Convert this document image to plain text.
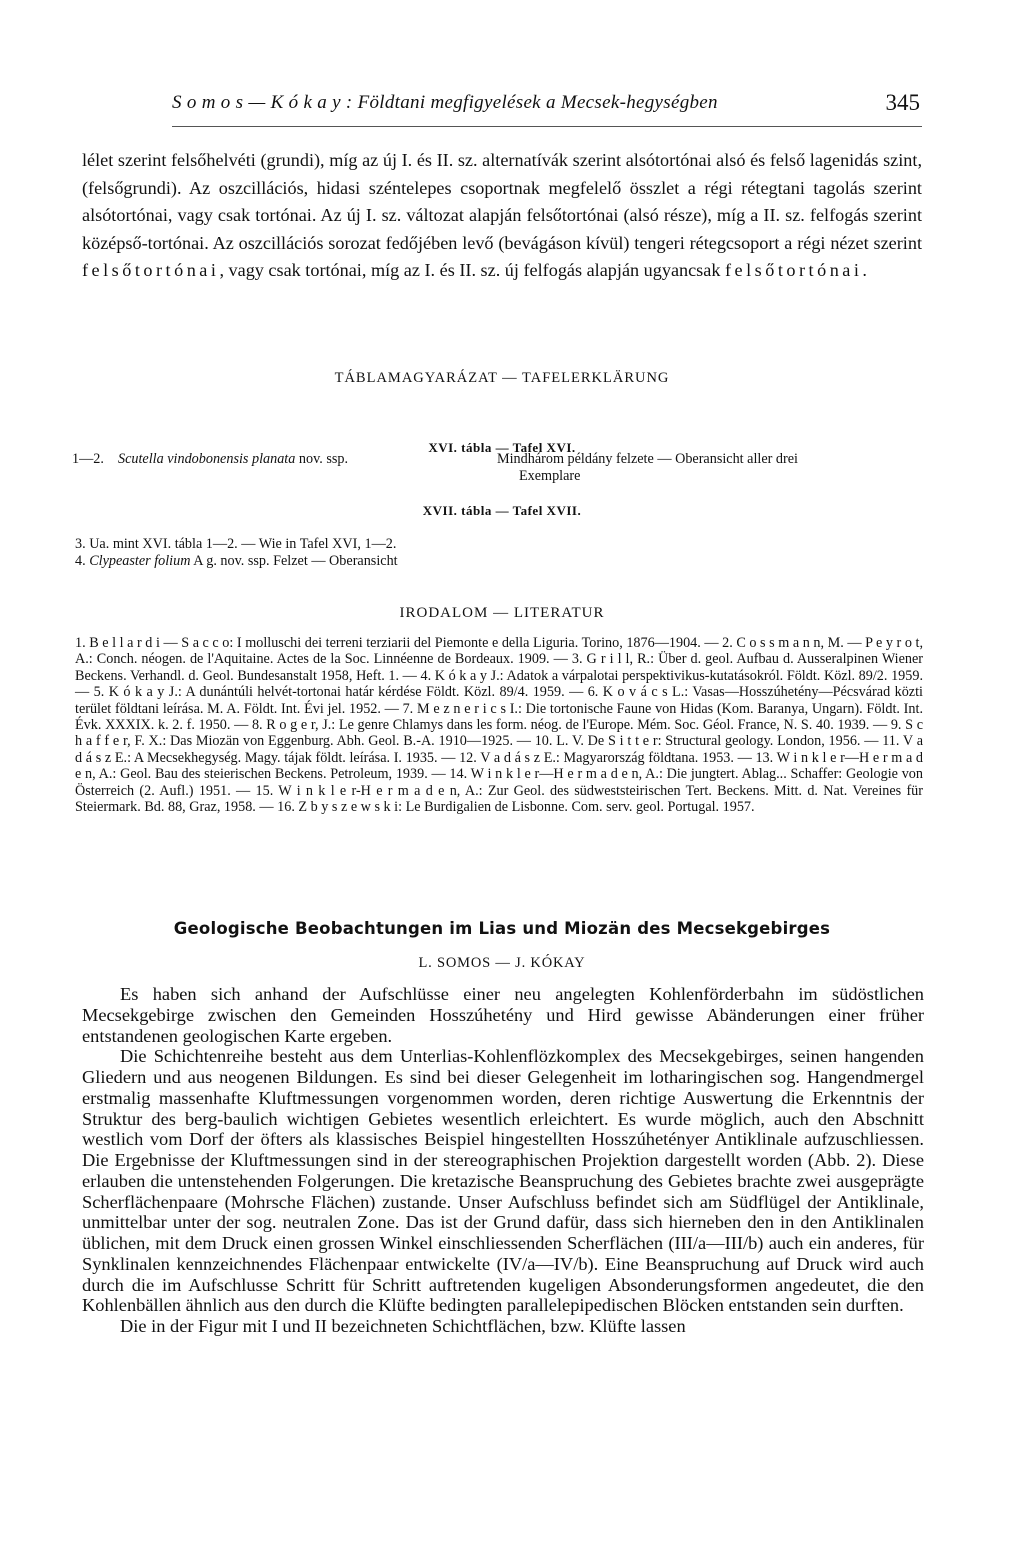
S o m o s — K ó k a y : Földtani megfigyelések a Mecsek-hegységben	345

lélet szerint felsőhelvéti (grundi), míg az új I. és II. sz. alternatívák szerint alsótortónai alsó és felső lagenidás szint, (felsőgrundi). Az oszcillációs, hidasi széntelepes csoportnak megfelelő összlet a régi rétegtani tagolás szerint alsótortónai, vagy csak tortónai. Az új I. sz. változat alapján felsőtortónai (alsó része), míg a II. sz. felfogás szerint középső-tortónai. Az oszcillációs sorozat fedőjében levő (bevágáson kívül) tengeri rétegcsoport a régi nézet szerint felsőtortónai, vagy csak tortónai, míg az I. és II. sz. új felfogás alapján ugyancsak felsőtortónai.

TÁBLAMAGYARÁZAT — TAFELERKLÄRUNG
XVI. tábla — Tafel XVI.
1—2. Scutella vindobonensis planata nov. ssp.	Mindhárom példány felzete — Oberansicht aller drei
Exemplare
XVII. tábla — Tafel XVII.
3. Ua. mint XVI. tábla 1—2. — Wie in Tafel XVI, 1—2.
4. Clypeaster folium A g. nov. ssp. Felzet — Oberansicht
IRODALOM — LITERATUR

1. B e l l a r d i — S a c c o: I molluschi dei terreni terziarii del Piemonte e della Liguria. Torino, 1876—1904. — 2. C o s s m a n n, M. — P e y r o t, A.: Conch. néogen. de l'Aquitaine. Actes de la Soc. Linnéenne de Bordeaux. 1909. — 3. G r i l l, R.: Über d. geol. Aufbau d. Ausseralpinen Wiener Beckens. Verhandl. d. Geol. Bundesanstalt 1958, Heft. 1. — 4. K ó k a y J.: Adatok a várpalotai perspektivikus-kutatásokról. Földt. Közl. 89/2. 1959. — 5. K ó k a y J.: A dunántúli helvét-tortonai határ kérdése Földt. Közl. 89/4. 1959. — 6. K o v á c s L.: Vasas—Hosszúhetény—Pécsvárad közti terület földtani leírása. M. A. Földt. Int. Évi jel. 1952. — 7. M e z n e r i c s I.: Die tortonische Faune von Hidas (Kom. Baranya, Ungarn). Földt. Int. Évk. XXXIX. k. 2. f. 1950. — 8. R o g e r, J.: Le genre Chlamys dans les form. néog. de l'Europe. Mém. Soc. Géol. France, N. S. 40. 1939. — 9. S c h a f f e r, F. X.: Das Miozän von Eggenburg. Abh. Geol. B.-A. 1910—1925. — 10. L. V. De S i t t e r: Structural geology. London, 1956. — 11. V a d á s z E.: A Mecsekhegység. Magy. tájak földt. leírása. I. 1935. — 12. V a d á s z E.: Magyarország földtana. 1953. — 13. W i n k l e r—H e r m a d e n, A.: Geol. Bau des steierischen Beckens. Petroleum, 1939. — 14. W i n k l e r—H e r m a d e n, A.: Die jungtert. Ablag... Schaffer: Geologie von Österreich (2. Aufl.) 1951. — 15. W i n k l e r-H e r m a d e n, A.: Zur Geol. des südweststeirischen Tert. Beckens. Mitt. d. Nat. Vereines für Steiermark. Bd. 88, Graz, 1958. — 16. Z b y s z e w s k i: Le Burdigalien de Lisbonne. Com. serv. geol. Portugal. 1957.

Geologische Beobachtungen im Lias und Miozän des Mecsekgebirges
L. SOMOS — J. KÓKAY
Es haben sich anhand der Aufschlüsse einer neu angelegten Kohlenförderbahn im südöstlichen Mecsekgebirge zwischen den Gemeinden Hosszúhetény und Hird gewisse Abänderungen einer früher entstandenen geologischen Karte ergeben.
Die Schichtenreihe besteht aus dem Unterlias-Kohlenflözkomplex des Mecsekgebirges, seinen hangenden Gliedern und aus neogenen Bildungen. Es sind bei dieser Gelegenheit im lotharingischen sog. Hangendmergel erstmalig massenhafte Kluftmessungen vorgenommen worden, deren richtige Auswertung die Erkenntnis der Struktur des berg-baulich wichtigen Gebietes wesentlich erleichtert. Es wurde möglich, auch den Abschnitt westlich vom Dorf der öfters als klassisches Beispiel hingestellten Hosszúhetényer Antiklinale aufzuschliessen. Die Ergebnisse der Kluftmessungen sind in der stereographischen Projektion dargestellt worden (Abb. 2). Diese erlauben die untenstehenden Folgerungen. Die kretazische Beanspruchung des Gebietes brachte zwei ausgeprägte Scherflächenpaare (Mohrsche Flächen) zustande. Unser Aufschluss befindet sich am Südflügel der Antiklinale, unmittelbar unter der sog. neutralen Zone. Das ist der Grund dafür, dass sich hierneben den in den Antiklinalen üblichen, mit dem Druck einen grossen Winkel einschliessenden Scherflächen (III/a—III/b) auch ein anderes, für Synklinalen kennzeichnendes Flächenpaar entwickelte (IV/a—IV/b). Eine Beanspruchung auf Druck wird auch durch die im Aufschlusse Schritt für Schritt auftretenden kugeligen Absonderungsformen angedeutet, die den Kohlenbällen ähnlich aus den durch die Klüfte bedingten parallelepipedischen Blöcken entstanden sein durften.
Die in der Figur mit I und II bezeichneten Schichtflächen, bzw. Klüfte lassen
